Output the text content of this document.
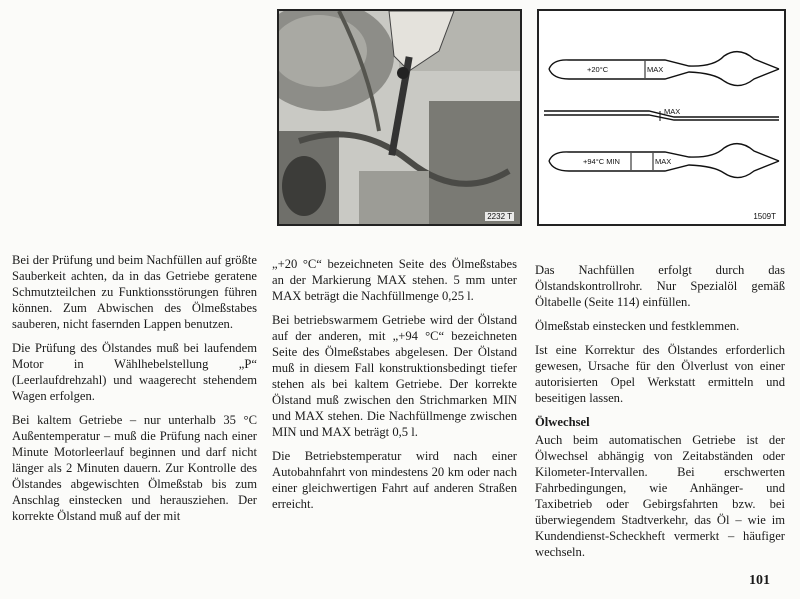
2232 T
+20°C	MAX
MAX
+94°C MIN	MAX
1509T

Bei der Prüfung und beim Nachfüllen auf größte Sauberkeit achten, da in das Getriebe geratene Schmutzteilchen zu Funktionsstörungen führen können. Zum Abwischen des Ölmeßstabes sauberen, nicht fasernden Lappen benutzen.

Die Prüfung des Ölstandes muß bei laufendem Motor in Wählhebelstellung „P“ (Leerlaufdrehzahl) und waagerecht stehendem Wagen erfolgen.

Bei kaltem Getriebe – nur unterhalb 35 °C Außentemperatur – muß die Prüfung nach einer Minute Motorleerlauf beginnen und darf nicht länger als 2 Minuten dauern. Zur Kontrolle des Ölstandes abgewischten Ölmeßstab bis zum Anschlag einstecken und herausziehen. Der korrekte Ölstand muß auf der mit

„+20 °C“ bezeichneten Seite des Ölmeßstabes an der Markierung MAX stehen. 5 mm unter MAX beträgt die Nachfüllmenge 0,25 l.

Bei betriebswarmem Getriebe wird der Ölstand auf der anderen, mit „+94 °C“ bezeichneten Seite des Ölmeßstabes abgelesen. Der Ölstand muß in diesem Fall konstruktionsbedingt tiefer stehen als bei kaltem Getriebe. Der korrekte Ölstand muß zwischen den Strichmarken MIN und MAX stehen. Die Nachfüllmenge zwischen MIN und MAX beträgt 0,5 l.

Die Betriebstemperatur wird nach einer Autobahnfahrt von mindestens 20 km oder nach einer gleichwertigen Fahrt auf anderen Straßen erreicht.

Das Nachfüllen erfolgt durch das Ölstandskontrollrohr. Nur Spezialöl gemäß Öltabelle (Seite 114) einfüllen.

Ölmeßstab einstecken und festklemmen.

Ist eine Korrektur des Ölstandes erforderlich gewesen, Ursache für den Ölverlust von einer autorisierten Opel Werkstatt ermitteln und beseitigen lassen.

Ölwechsel

Auch beim automatischen Getriebe ist der Ölwechsel abhängig von Zeitabständen oder Kilometer-Intervallen. Bei erschwerten Fahrbedingungen, wie Anhänger- und Taxibetrieb oder Gebirgsfahrten bzw. bei überwiegendem Stadtverkehr, das Öl – wie im Kundendienst-Scheckheft vermerkt – häufiger wechseln.

101
